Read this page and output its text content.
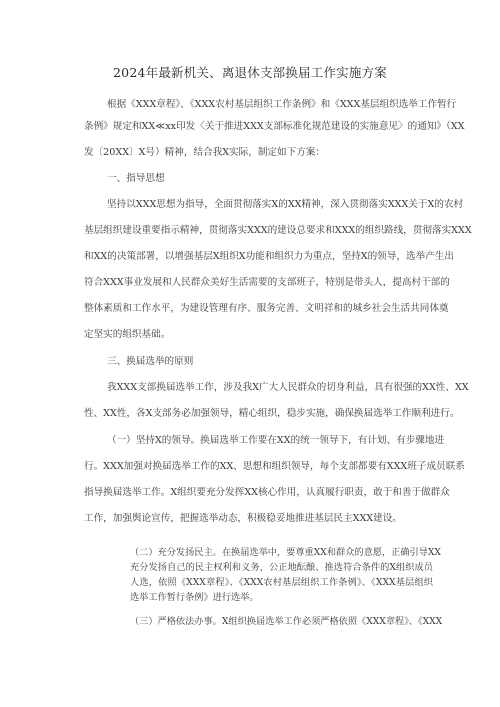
2024年最新机关、离退休支部换届工作实施方案
根据《XXX章程》、《XXX农村基层组织工作条例》和《XXX基层组织选举工作暂行
条例》规定和XX≪xx印发〈关于推进XXX支部标准化规范建设的实施意见〉的通知》（XX
发〔20XX〕X号）精神，结合我X实际，制定如下方案：
一、指导思想
坚持以XXX思想为指导，全面贯彻落实X的XX精神，深入贯彻落实XXX关于X的农村
基层组织建设重要指示精神，贯彻落实XXX的建设总要求和XXX的组织路线，贯彻落实XXX
和XX的决策部署，以增强基层X组织X功能和组织力为重点，坚持X的领导，选举产生出
符合XXX事业发展和人民群众美好生活需要的支部班子，特别是带头人，提高村干部的
整体素质和工作水平，为建设管理有序、服务完善、文明祥和的城乡社会生活共同体奠
定坚实的组织基础。
三、换届选举的原则
我XXX支部换届选举工作，涉及我X广大人民群众的切身利益，具有很强的XX性、XX
性、XX性，各X支部务必加强领导，精心组织，稳步实施，确保换届选举工作顺利进行。
（一）坚持X的领导。换届选举工作要在XX的统一领导下，有计划、有步骤地进
行。XXX加强对换届选举工作的XX、思想和组织领导，每个支部都要有XXX班子成员联系
指导换届选举工作。X组织要充分发挥XX核心作用，认真履行职责，敢于和善于做群众
工作，加强舆论宣传，把握选举动态，积极稳妥地推进基层民主XXX建设。
（二）充分发扬民主。在换届选举中，要尊重XX和群众的意愿，正确引导XX
充分发扬自己的民主权利和义务，公正地酝酿、推选符合条件的X组织成员
人选，依照《XXX章程》、《XXX农村基层组织工作条例》、《XXX基层组织
选举工作暂行条例》进行选举。
（三）严格依法办事。X组织换届选举工作必须严格依照《XXX章程》、《XXX
